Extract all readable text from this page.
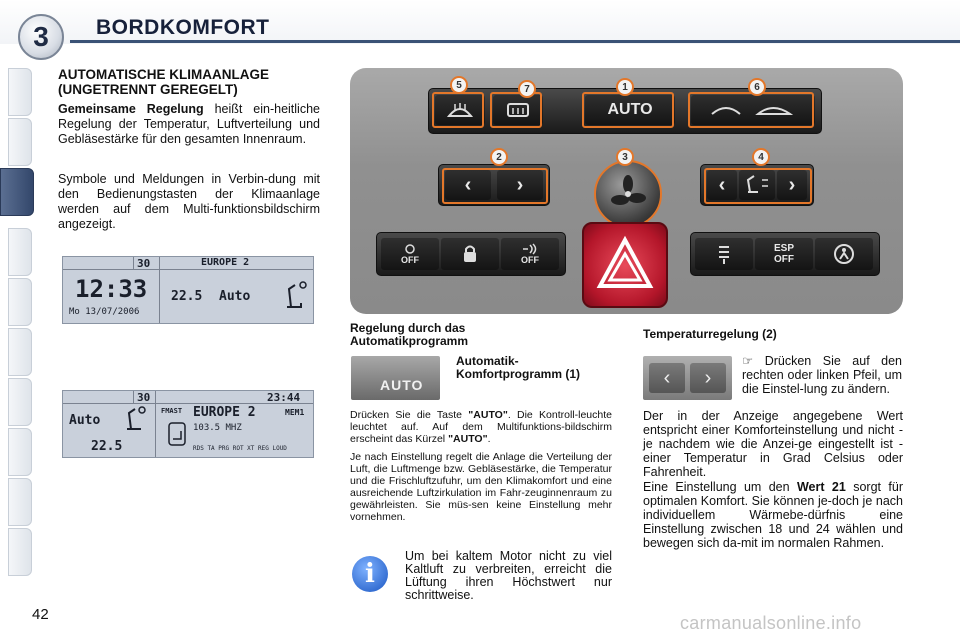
3	BORDKOMFORT
AUTOMATISCHE KLIMAANLAGE (UNGETRENNT GEREGELT)
Gemeinsame Regelung heißt ein-heitliche Regelung der Temperatur, Luftverteilung und Gebläsestärke für den gesamten Innenraum.
Symbole und Meldungen in Verbin-dung mit den Bedienungstasten der Klimaanlage werden auf dem Multi-funktionsbildschirm angezeigt.
30	EUROPE 2
12:33
Mo 13/07/2006
22.5 Auto
30	23:44
Auto
FMAST EUROPE 2	MEM1
103.5 MHZ
22.5	RDS TA PRG ROT XT REG LOUD
AUTO
5	7	1	6
‹	›
2	3
‹	›
4
OFF	OFF
ESP
OFF
Regelung durch das Automatikprogramm
AUTO
Automatik-Komfortprogramm (1)
Drücken Sie die Taste "AUTO". Die Kontroll-leuchte leuchtet auf. Auf dem Multifunktions-bildschirm erscheint das Kürzel "AUTO".
Je nach Einstellung regelt die Anlage die Verteilung der Luft, die Luftmenge bzw. Gebläsestärke, die Temperatur und die Frischluftzufuhr, um den Klimakomfort und eine ausreichende Luftzirkulation im Fahr-zeuginnenraum zu gewährleisten. Sie müs-sen keine Einstellung mehr vornehmen.
i
Um bei kaltem Motor nicht zu viel Kaltluft zu verbreiten, erreicht die Lüftung ihren Höchstwert nur schrittweise.
Temperaturregelung (2)
‹	›
☞ Drücken Sie auf den rechten oder linken Pfeil, um die Einstel-lung zu ändern.
Der in der Anzeige angegebene Wert entspricht einer Komforteinstellung und nicht - je nachdem wie die Anzei-ge eingestellt ist - einer Temperatur in Grad Celsius oder Fahrenheit.
Eine Einstellung um den Wert 21 sorgt für optimalen Komfort. Sie können je-doch je nach individuellem Wärmebe-dürfnis eine Einstellung zwischen 18 und 24 wählen und bewegen sich da-mit im normalen Rahmen.
42	carmanualsonline.info
